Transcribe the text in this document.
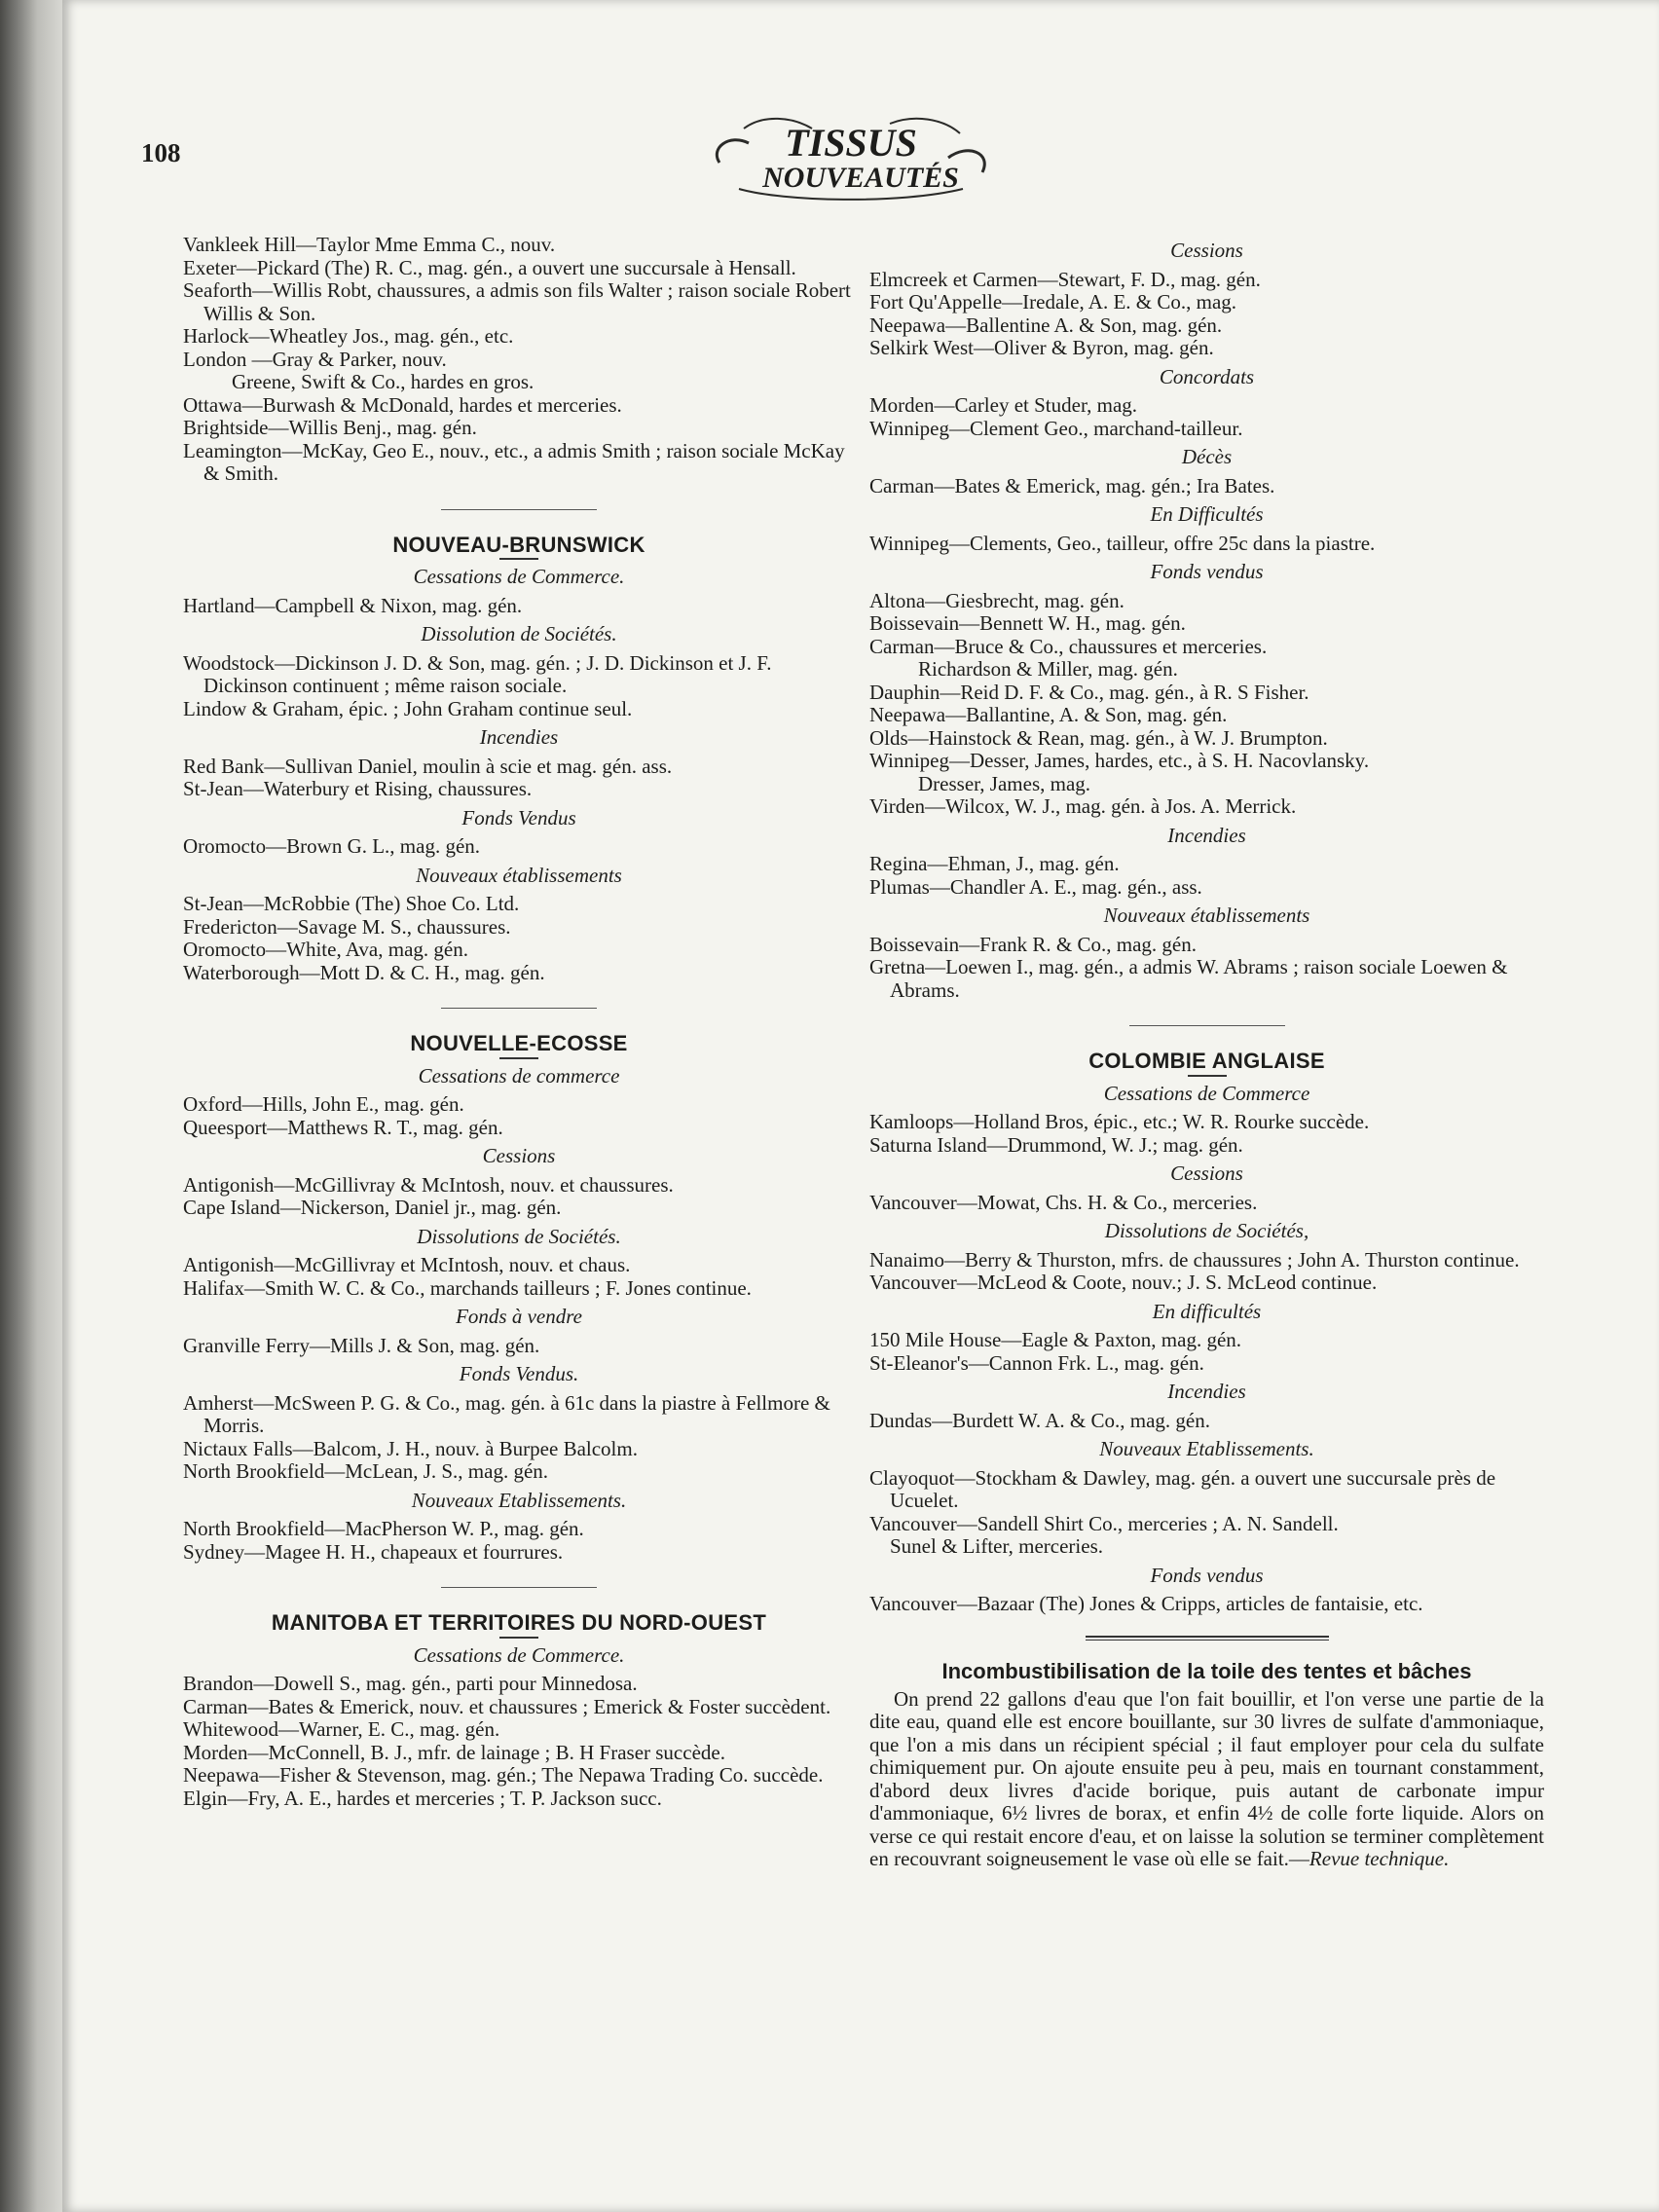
108	TISSUS
NOUVEAUTÉS

Vankleek Hill—Taylor Mme Emma C., nouv.

Exeter—Pickard (The) R. C., mag. gén., a ouvert une succursale à Hensall.

Seaforth—Willis Robt, chaussures, a admis son fils Walter ; raison sociale Robert Willis & Son.

Harlock—Wheatley Jos., mag. gén., etc.

London —Gray & Parker, nouv.

Greene, Swift & Co., hardes en gros.

Ottawa—Burwash & McDonald, hardes et merceries.

Brightside—Willis Benj., mag. gén.

Leamington—McKay, Geo E., nouv., etc., a admis Smith ; raison sociale McKay & Smith.

NOUVEAU-BRUNSWICK
Cessations de Commerce.

Hartland—Campbell & Nixon, mag. gén.

Dissolution de Sociétés.

Woodstock—Dickinson J. D. & Son, mag. gén. ; J. D. Dickinson et J. F. Dickinson continuent ; même raison sociale.

Lindow & Graham, épic. ; John Graham continue seul.

Incendies

Red Bank—Sullivan Daniel, moulin à scie et mag. gén. ass.

St-Jean—Waterbury et Rising, chaussures.

Fonds Vendus

Oromocto—Brown G. L., mag. gén.

Nouveaux établissements

St-Jean—McRobbie (The) Shoe Co. Ltd.

Fredericton—Savage M. S., chaussures.

Oromocto—White, Ava, mag. gén.

Waterborough—Mott D. & C. H., mag. gén.

NOUVELLE-ECOSSE
Cessations de commerce

Oxford—Hills, John E., mag. gén.

Queesport—Matthews R. T., mag. gén.

Cessions

Antigonish—McGillivray & McIntosh, nouv. et chaussures.

Cape Island—Nickerson, Daniel jr., mag. gén.

Dissolutions de Sociétés.

Antigonish—McGillivray et McIntosh, nouv. et chaus.

Halifax—Smith W. C. & Co., marchands tailleurs ; F. Jones continue.

Fonds à vendre

Granville Ferry—Mills J. & Son, mag. gén.

Fonds Vendus.

Amherst—McSween P. G. & Co., mag. gén. à 61c dans la piastre à Fellmore & Morris.

Nictaux Falls—Balcom, J. H., nouv. à Burpee Balcolm.

North Brookfield—McLean, J. S., mag. gén.

Nouveaux Etablissements.

North Brookfield—MacPherson W. P., mag. gén.

Sydney—Magee H. H., chapeaux et fourrures.

MANITOBA ET TERRITOIRES DU NORD-OUEST
Cessations de Commerce.

Brandon—Dowell S., mag. gén., parti pour Minnedosa.

Carman—Bates & Emerick, nouv. et chaussures ; Emerick & Foster succèdent.

Whitewood—Warner, E. C., mag. gén.

Morden—McConnell, B. J., mfr. de lainage ; B. H Fraser succède.

Neepawa—Fisher & Stevenson, mag. gén.; The Nepawa Trading Co. succède.

Elgin—Fry, A. E., hardes et merceries ; T. P. Jackson succ.

Cessions

Elmcreek et Carmen—Stewart, F. D., mag. gén.

Fort Qu'Appelle—Iredale, A. E. & Co., mag.

Neepawa—Ballentine A. & Son, mag. gén.

Selkirk West—Oliver & Byron, mag. gén.

Concordats

Morden—Carley et Studer, mag.

Winnipeg—Clement Geo., marchand-tailleur.

Décès

Carman—Bates & Emerick, mag. gén.; Ira Bates.

En Difficultés

Winnipeg—Clements, Geo., tailleur, offre 25c dans la piastre.

Fonds vendus

Altona—Giesbrecht, mag. gén.

Boissevain—Bennett W. H., mag. gén.

Carman—Bruce & Co., chaussures et merceries.

Richardson & Miller, mag. gén.

Dauphin—Reid D. F. & Co., mag. gén., à R. S Fisher.

Neepawa—Ballantine, A. & Son, mag. gén.

Olds—Hainstock & Rean, mag. gén., à W. J. Brumpton.

Winnipeg—Desser, James, hardes, etc., à S. H. Nacovlansky.

Dresser, James, mag.

Virden—Wilcox, W. J., mag. gén. à Jos. A. Merrick.

Incendies

Regina—Ehman, J., mag. gén.

Plumas—Chandler A. E., mag. gén., ass.

Nouveaux établissements

Boissevain—Frank R. & Co., mag. gén.

Gretna—Loewen I., mag. gén., a admis W. Abrams ; raison sociale Loewen & Abrams.

COLOMBIE ANGLAISE
Cessations de Commerce

Kamloops—Holland Bros, épic., etc.; W. R. Rourke succède.

Saturna Island—Drummond, W. J.; mag. gén.

Cessions

Vancouver—Mowat, Chs. H. & Co., merceries.

Dissolutions de Sociétés,

Nanaimo—Berry & Thurston, mfrs. de chaussures ; John A. Thurston continue.

Vancouver—McLeod & Coote, nouv.; J. S. McLeod continue.

En difficultés

150 Mile House—Eagle & Paxton, mag. gén.

St-Eleanor's—Cannon Frk. L., mag. gén.

Incendies

Dundas—Burdett W. A. & Co., mag. gén.

Nouveaux Etablissements.

Clayoquot—Stockham & Dawley, mag. gén. a ouvert une succursale près de Ucuelet.

Vancouver—Sandell Shirt Co., merceries ; A. N. Sandell.

Sunel & Lifter, merceries.

Fonds vendus

Vancouver—Bazaar (The) Jones & Cripps, articles de fantaisie, etc.

Incombustibilisation de la toile des tentes et bâches

On prend 22 gallons d'eau que l'on fait bouillir, et l'on verse une partie de la dite eau, quand elle est encore bouillante, sur 30 livres de sulfate d'ammoniaque, que l'on a mis dans un récipient spécial ; il faut employer pour cela du sulfate chimiquement pur. On ajoute ensuite peu à peu, mais en tournant constamment, d'abord deux livres d'acide borique, puis autant de carbonate impur d'ammoniaque, 6½ livres de borax, et enfin 4½ de colle forte liquide. Alors on verse ce qui restait encore d'eau, et on laisse la solution se terminer complètement en recouvrant soigneusement le vase où elle se fait.—Revue technique.
